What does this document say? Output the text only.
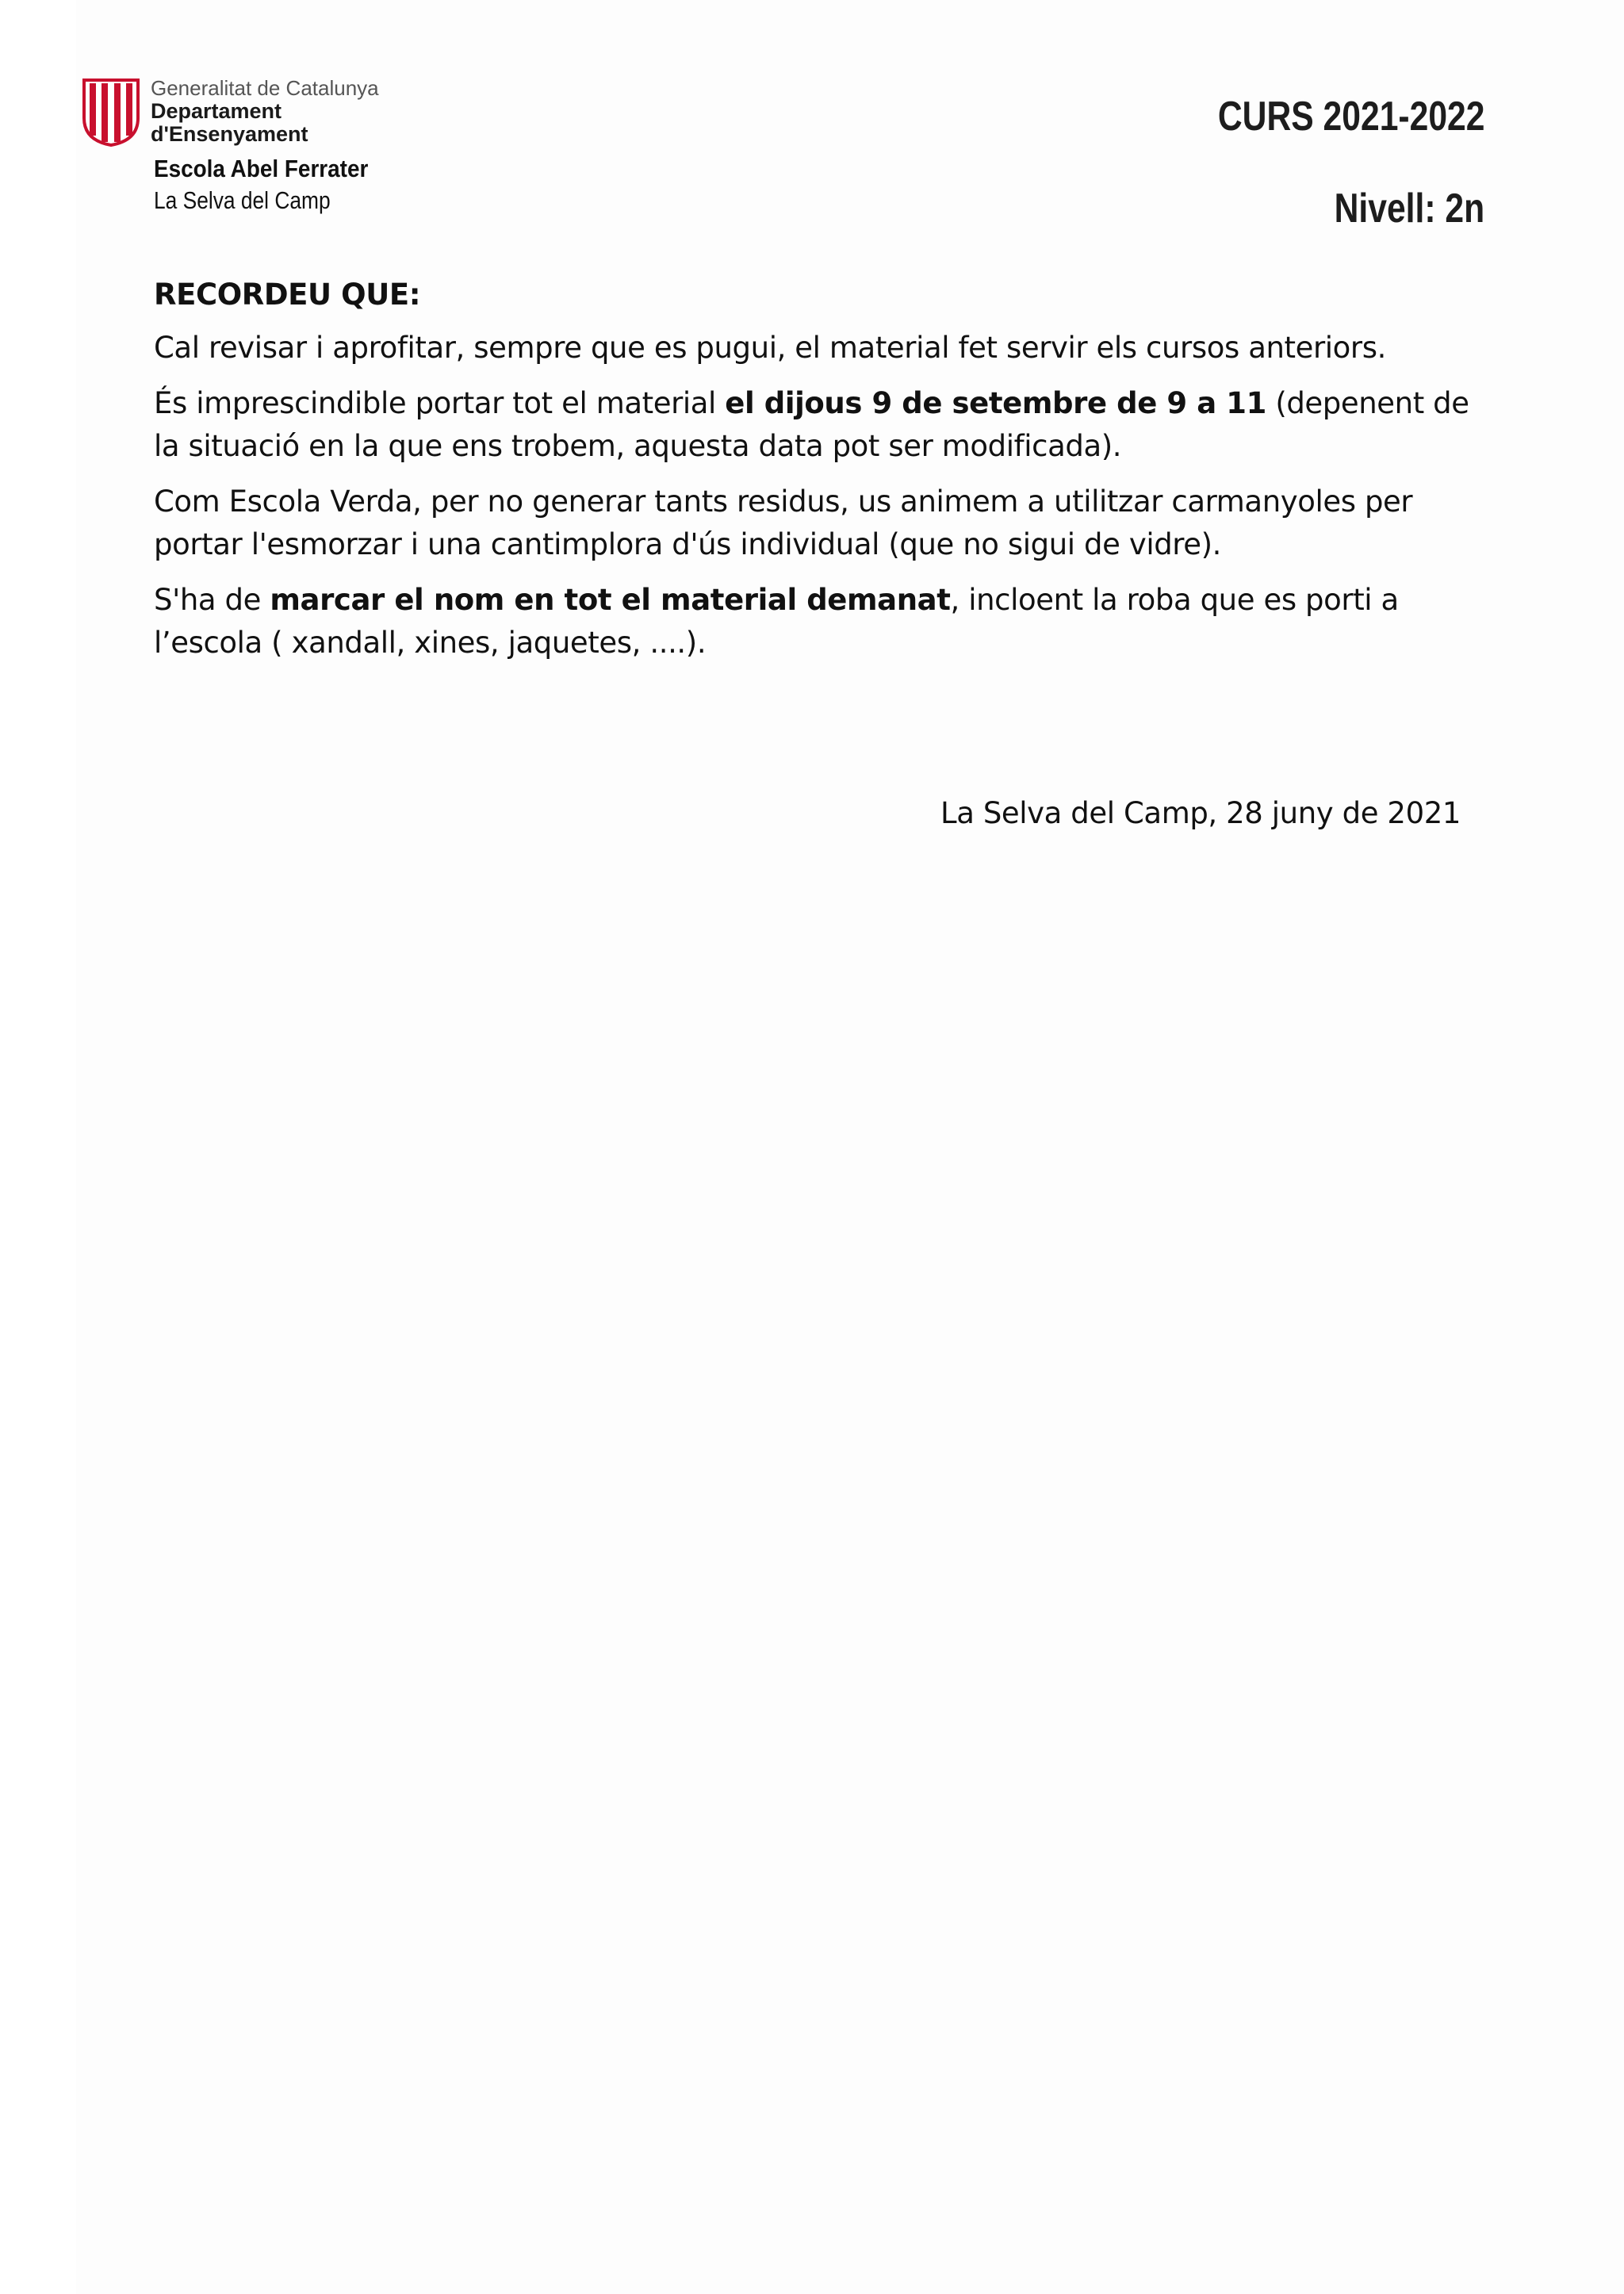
Generalitat de Catalunya
Departament
d'Ensenyament
Escola Abel Ferrater
La Selva del Camp
CURS 2021-2022
Nivell: 2n
RECORDEU QUE:

Cal revisar i aprofitar, sempre que es pugui, el material fet servir els cursos anteriors.

És imprescindible portar tot el material el dijous 9 de setembre de 9 a 11 (depenent de la situació en la que ens trobem, aquesta data pot ser modificada).

Com Escola Verda, per no generar tants residus, us animem a utilitzar carmanyoles per portar l'esmorzar i una cantimplora d'ús individual (que no sigui de vidre).

S'ha de marcar el nom en tot el material demanat, incloent la roba que es porti a l’escola ( xandall, xines, jaquetes, ....).

La Selva del Camp, 28 juny de 2021
